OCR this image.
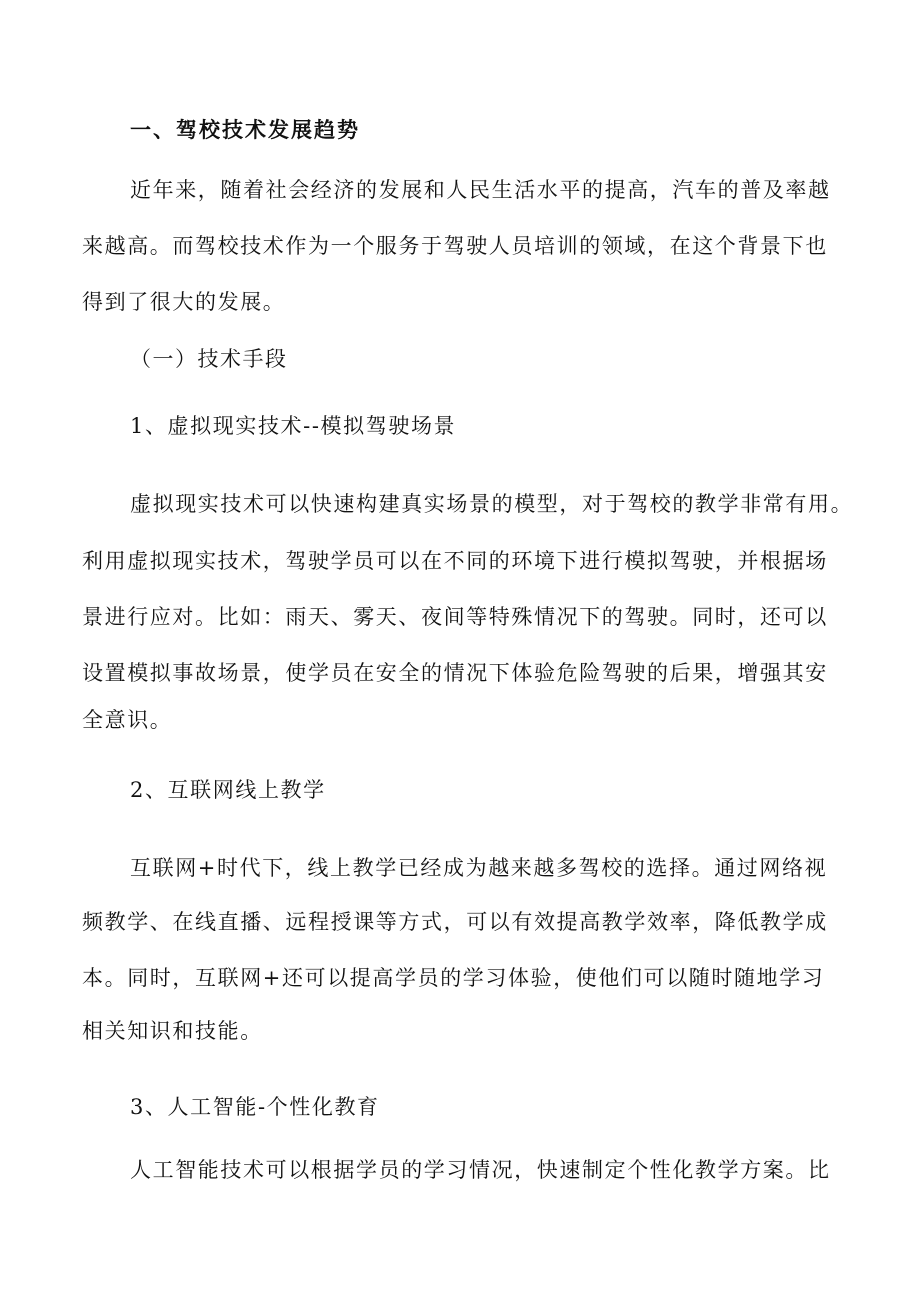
一、驾校技术发展趋势
近年来，随着社会经济的发展和人民生活水平的提高，汽车的普及率越
来越高。而驾校技术作为一个服务于驾驶人员培训的领域，在这个背景下也
得到了很大的发展。
（一）技术手段
1、虚拟现实技术--模拟驾驶场景
虚拟现实技术可以快速构建真实场景的模型，对于驾校的教学非常有用。
利用虚拟现实技术，驾驶学员可以在不同的环境下进行模拟驾驶，并根据场
景进行应对。比如：雨天、雾天、夜间等特殊情况下的驾驶。同时，还可以
设置模拟事故场景，使学员在安全的情况下体验危险驾驶的后果，增强其安
全意识。
2、互联网线上教学
互联网+时代下，线上教学已经成为越来越多驾校的选择。通过网络视
频教学、在线直播、远程授课等方式，可以有效提高教学效率，降低教学成
本。同时，互联网+还可以提高学员的学习体验，使他们可以随时随地学习
相关知识和技能。
3、人工智能-个性化教育
人工智能技术可以根据学员的学习情况，快速制定个性化教学方案。比
